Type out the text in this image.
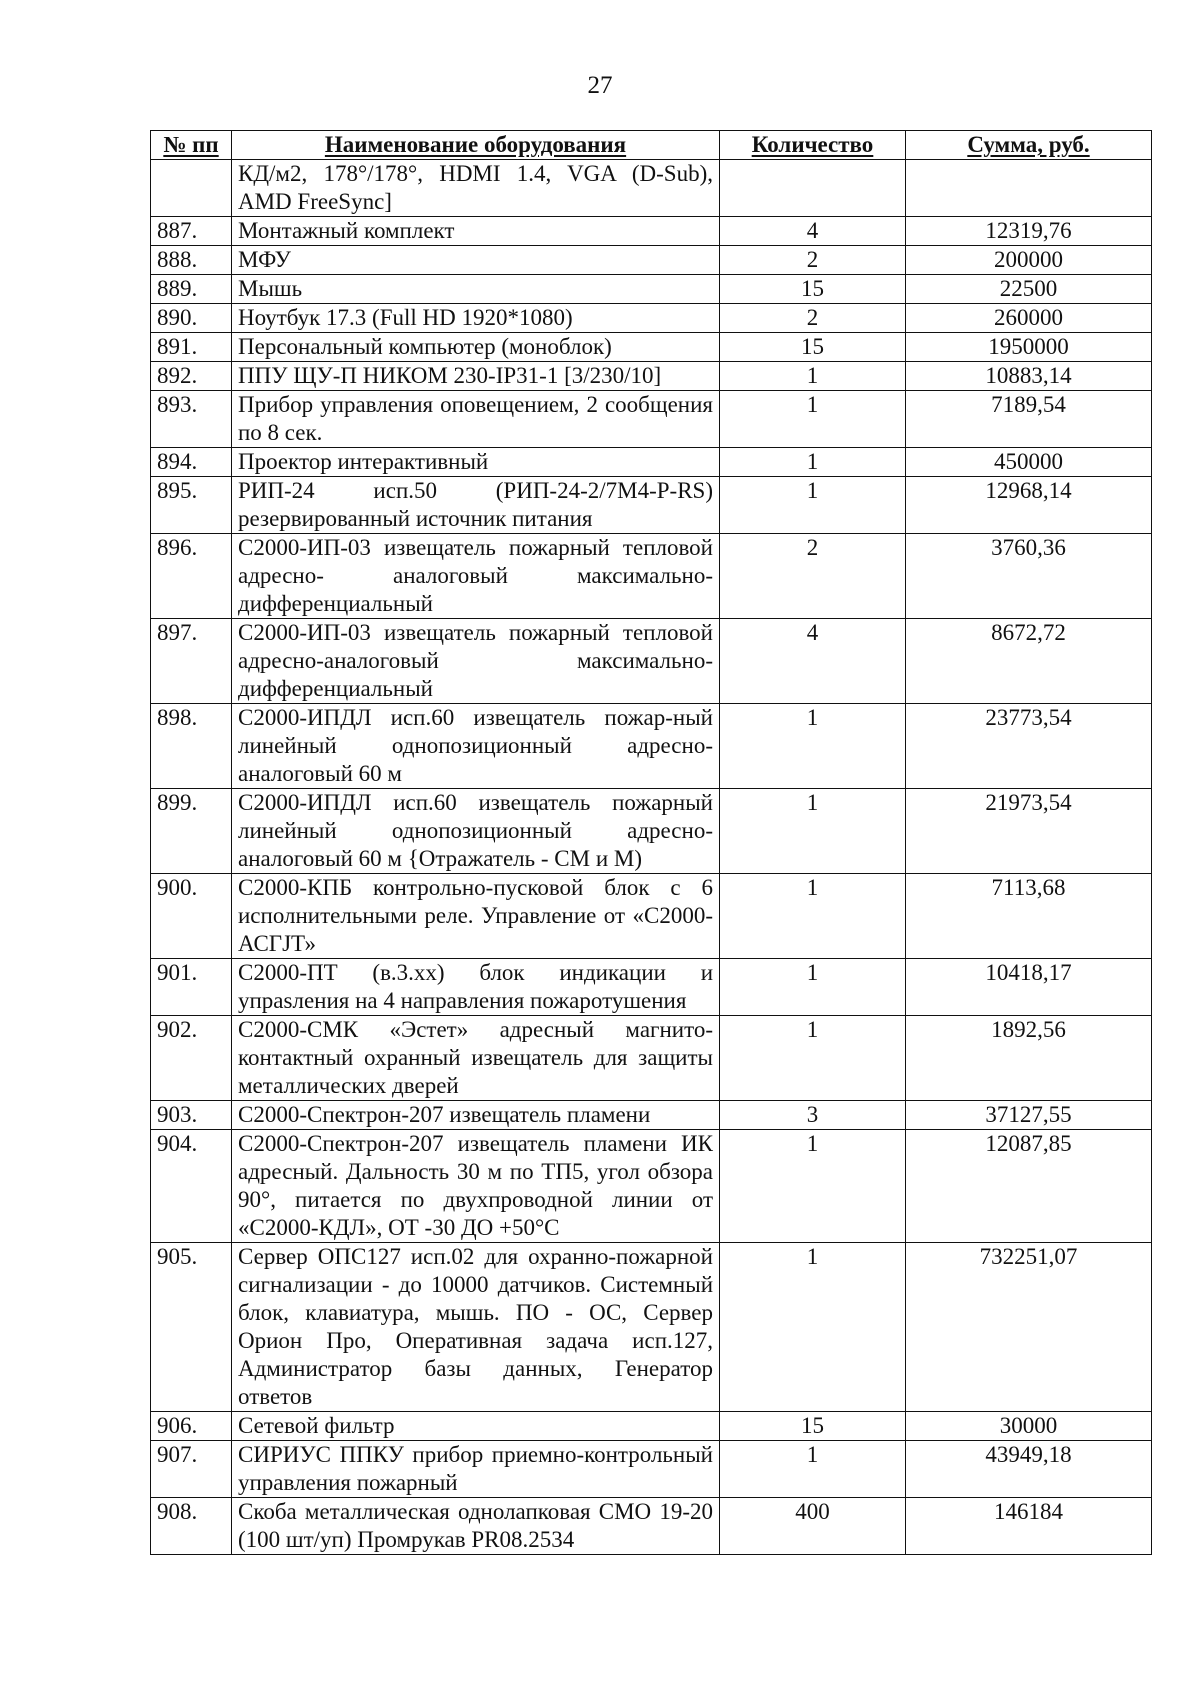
27
№ пп	Наименование оборудования	Количество	Сумма, руб.
	КД/м2, 178°/178°, HDMI 1.4, VGA (D-Sub), AMD FreeSync]		
887.	Монтажный комплект	4	12319,76
888.	МФУ	2	200000
889.	Мышь	15	22500
890.	Ноутбук 17.3 (Full HD 1920*1080)	2	260000
891.	Персональный компьютер (моноблок)	15	1950000
892.	ППУ ЩУ-П НИКОМ 230-IP31-1 [3/230/10]	1	10883,14
893.	Прибор управления оповещением, 2 сообщения по 8 сек.	1	7189,54
894.	Проектор интерактивный	1	450000
895.	РИП-24 исп.50 (РИП-24-2/7М4-Р-RS) резервированный источник питания	1	12968,14
896.	С2000-ИП-03 извещатель пожарный тепловой адресно- аналоговый максимально-дифференциальный	2	3760,36
897.	С2000-ИП-03 извещатель пожарный тепловой адресно-аналоговый максимально-дифференциальный	4	8672,72
898.	С2000-ИПДЛ исп.60 извещатель пожар-ный линейный однопозиционный адресно-аналоговый 60 м	1	23773,54
899.	С2000-ИПДЛ исп.60 извещатель пожарный линейный однопозиционный адресно-аналоговый 60 м {Отражатель - СМ и М)	1	21973,54
900.	С2000-КПБ контрольно-пусковой блок с 6 исполнительными реле. Управление от «С2000-АСГЈТ»	1	7113,68
901.	С2000-ПТ (в.3.хх) блок индикации и упрasления на 4 направления пожаротушения	1	10418,17
902.	С2000-СМК «Эстет» адресный магнито-контактный охранный извещатель для защиты металлических дверей	1	1892,56
903.	С2000-Спектрон-207 извещатель пламени	3	37127,55
904.	С2000-Спектрон-207 извещатель пламени ИК адресный. Дальность 30 м по ТП5, угол обзора 90°, питается по двухпроводной линии от «С2000-КДЛ», ОТ -30 ДО +50°С	1	12087,85
905.	Сервер ОПС127 исп.02 для охранно-пожарной сигнализации - до 10000 датчиков. Системный блок, клавиатура, мышь. ПО - ОС, Сервер Орион Про, Оперативная задача исп.127, Администратор базы данных, Генератор ответов	1	732251,07
906.	Сетевой фильтр	15	30000
907.	СИРИУС ППКУ прибор приемно-контрольный управления пожарный	1	43949,18
908.	Скоба металлическая однолапковая СМО 19-20 (100 шт/уп) Промрукав PR08.2534	400	146184
